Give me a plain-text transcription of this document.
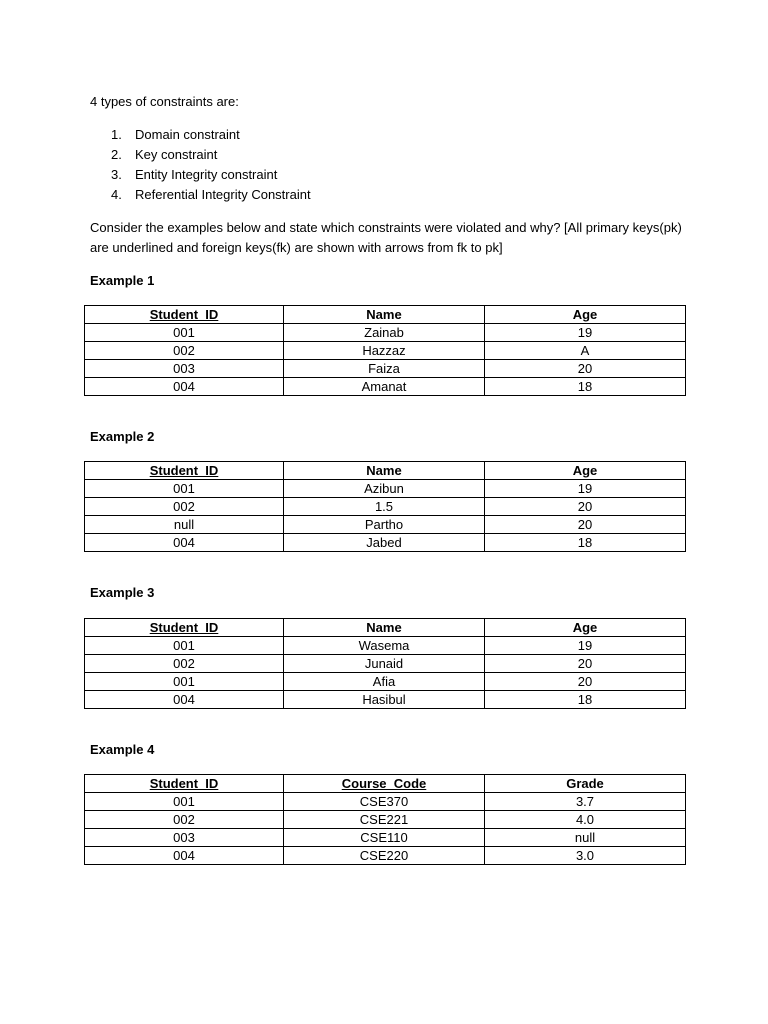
4 types of constraints are:
1. Domain constraint
2. Key constraint
3. Entity Integrity constraint
4. Referential Integrity Constraint
Consider the examples below and state which constraints were violated and why? [All primary keys(pk)
are underlined and foreign keys(fk) are shown with arrows from fk to pk]
Example 1
Student_ID	Name	Age
001	Zainab	19
002	Hazzaz	A
003	Faiza	20
004	Amanat	18
Example 2
Student_ID	Name	Age
001	Azibun	19
002	1.5	20
null	Partho	20
004	Jabed	18
Example 3
Student_ID	Name	Age
001	Wasema	19
002	Junaid	20
001	Afia	20
004	Hasibul	18
Example 4
Student_ID	Course_Code	Grade
001	CSE370	3.7
002	CSE221	4.0
003	CSE110	null
004	CSE220	3.0
